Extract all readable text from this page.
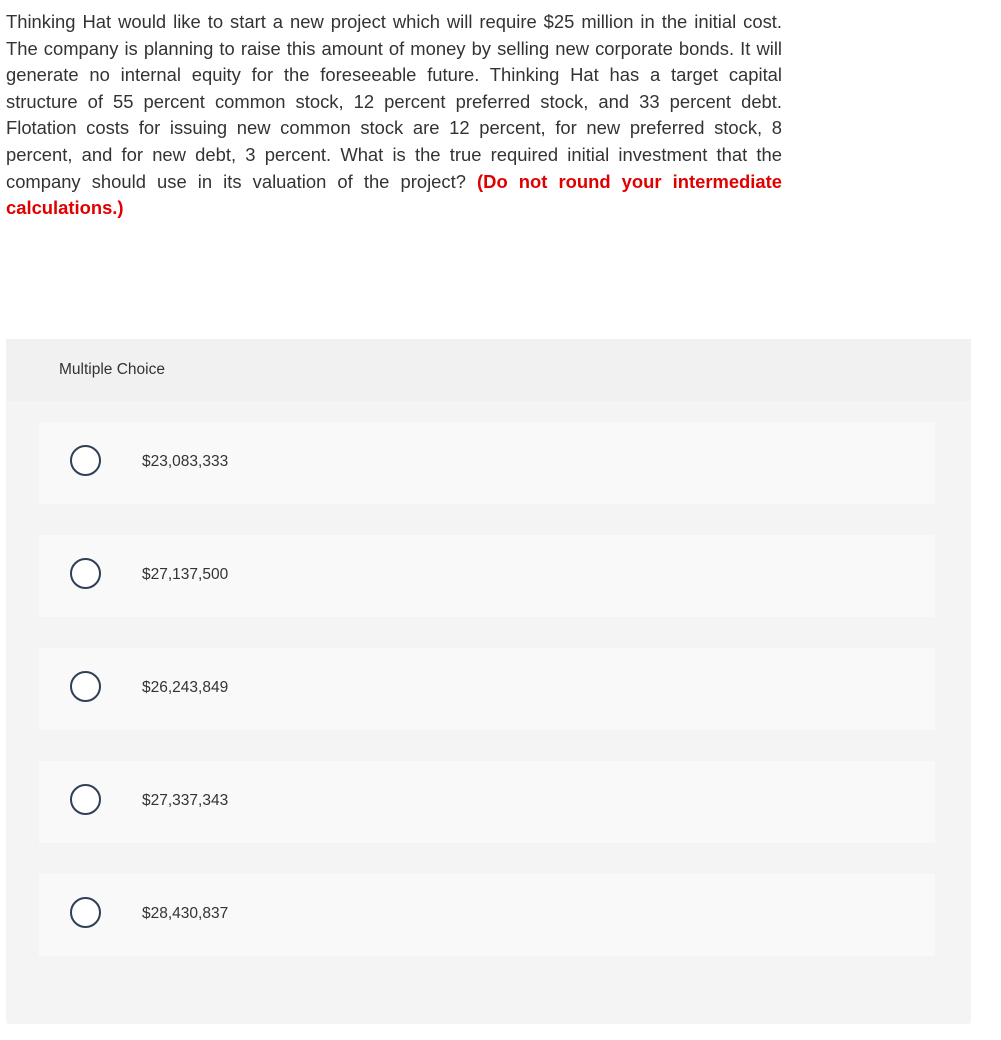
Thinking Hat would like to start a new project which will require $25 million in the initial cost. The company is planning to raise this amount of money by selling new corporate bonds. It will generate no internal equity for the foreseeable future. Thinking Hat has a target capital structure of 55 percent common stock, 12 percent preferred stock, and 33 percent debt. Flotation costs for issuing new common stock are 12 percent, for new preferred stock, 8 percent, and for new debt, 3 percent. What is the true required initial investment that the company should use in its valuation of the project? (Do not round your intermediate calculations.)
Multiple Choice
$23,083,333
$27,137,500
$26,243,849
$27,337,343
$28,430,837
